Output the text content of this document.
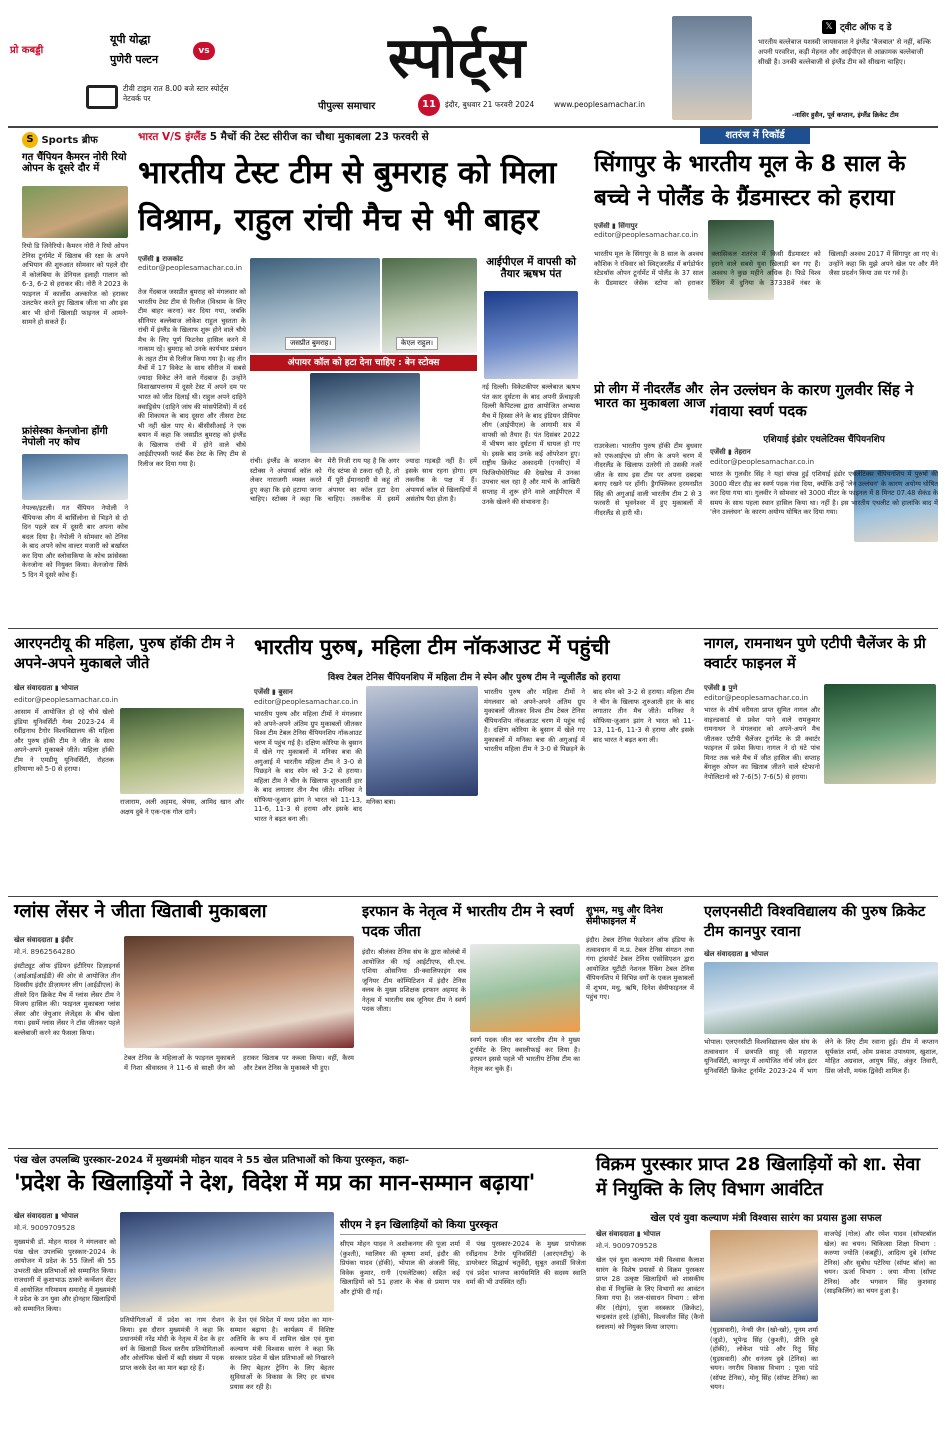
प्रो कबड्डी
यूपी योद्धा
पुणेरी पल्टन
vs
टीवी टाइम रात 8.00 बजे स्टार स्पोर्ट्स नेटवर्क पर
स्पोर्ट्स
पीपुल्स समाचार	11	इंदौर, बुधवार 21 फरवरी 2024	www.peoplesamachar.in
𝕏 ट्वीट ऑफ द डे
भारतीय बल्लेबाज यशस्वी जायसवाल ने इंग्लैंड 'बैजबाल' से नहीं, बल्कि अपनी परवरिश, कड़ी मेहनत और आईपीएल से आक्रामक बल्लेबाजी सीखी है। उनकी बल्लेबाजी से इंग्लैंड टीम को सीखना चाहिए।
-नासिर हुसैन, पूर्व कप्तान, इंग्लैंड क्रिकेट टीम
S Sports ब्रीफ
गत चैंपियन कैमरन नोरी रियो ओपन के दूसरे दौर में
रियो डि जिनेरियो। कैमरन नोरी ने रियो ओपन टेनिस टूर्नामेंट में खिताब की रक्षा के अपने अभियान की शुरुआत सोमवार को पहले दौर में कोलंबिया के डेनियल इलाही गालान को 6-3, 6-2 से हराकर की। नोरी ने 2023 के फाइनल में कार्लोस अल्कारेज को हराकर उलटफेर करते हुए खिताब जीता था और इस बार भी दोनों खिलाड़ी फाइनल में आमने-सामने हो सकते हैं।
फ्रांसेस्का केनजोना होंगी नेपोली नए कोच
नेपल्स/इटली। गत चैंपियन नेपोली ने चैंपियन्स लीग में बार्सिलोना से भिड़ने से दो दिन पहले सत्र में दूसरी बार अपना कोच बदल दिया है। नेपोली ने सोमवार को टेनिस के बाद अपने कोच वाल्टर मजारी को बर्खास्त कर दिया और स्लोवाकिया के कोच फ्रांसेस्का केनजोना को नियुक्त किया। केनजोना सिर्फ 5 दिन में दूसरे कोच हैं।
भारत V/S इंग्लैंड 5 मैचों की टेस्ट सीरीज का चौथा मुकाबला 23 फरवरी से
भारतीय टेस्ट टीम से बुमराह को मिला विश्राम, राहुल रांची मैच से भी बाहर
एजेंसी ▮ राजकोट
editor@peoplesamachar.co.in
तेज गेंदबाज जसप्रीत बुमराह को मंगलवार को भारतीय टेस्ट टीम से रिलीज (विश्राम के लिए टीम बाहर करना) कर दिया गया, जबकि सीनियर बल्लेबाज लोकेश राहुल चुस्तता के रांची में इंग्लैंड के खिलाफ शुरू होने वाले चौथे मैच के लिए पूर्ण फिटनेस हासिल करने में नाकाम रहे। बुमराह को उनके कार्यभार प्रबंधन के तहत टीम से रिलीज किया गया है। वह तीन मैचों में 17 विकेट के साथ सीरीज में सबसे ज्यादा विकेट लेने वाले गेंदबाज हैं। उन्होंने विशाखापत्तनम में दूसरे टेस्ट में अपने दम पर भारत को जीत दिलाई थी। राहुल अपने दाहिने क्वाड्रिसेप (दाहिने जांघ की मांसपेशियों) में दर्द की शिकायत के बाद दूसरा और तीसरा टेस्ट भी नहीं खेल पाए थे। बीसीसीआई ने एक बयान में कहा कि जसप्रीत बुमराह को इंग्लैंड के खिलाफ रांची में होने वाले चौथे आईडीएफसी फर्स्ट बैंक टेस्ट के लिए टीम से रिलीज कर दिया गया है।
जसप्रीत बुमराह।	केएल राहुल।
अंपायर कॉल को हटा देना चाहिए : बेन स्टोक्स
रांची। इंग्लैंड के कप्तान बेन स्टोक्स ने अंपायर्स कॉल को लेकर नाराजगी व्यक्त करते हुए कहा कि इसे हटाया जाना चाहिए। स्टोक्स ने कहा कि मेरी निजी राय यह है कि अगर गेंद स्टंप्स से टकरा रही है, तो मैं पूरी ईमानदारी से कहूं तो अंपायर का कॉल हटा देना चाहिए। तकनीक में इसमें ज्यादा गड़बड़ी नहीं है। हमें इसके साथ रहना होगा। हम तकनीक के पक्ष में हैं। अंपायर्स कॉल से खिलाड़ियों में असंतोष पैदा होता है।
आईपीएल में वापसी को तैयार ऋषभ पंत
नई दिल्ली। विकेटकीपर बल्लेबाज ऋषभ पंत कार दुर्घटना के बाद अपनी फ्रेंचाइजी दिल्ली कैपिटल्स द्वारा आयोजित अभ्यास मैच में हिस्सा लेने के बाद इंडियन प्रीमियर लीग (आईपीएल) के आगामी सत्र में वापसी को तैयार हैं। पंत दिसंबर 2022 में भीषण कार दुर्घटना में घायल हो गए थे। इसके बाद उनके कई ऑपरेशन हुए। राष्ट्रीय क्रिकेट अकादमी (एनसीए) में फिजियोथेरेपिस्ट की देखरेख में उनका उपचार चल रहा है और मार्च के आखिरी सप्ताह में शुरू होने वाले आईपीएल में उनके खेलने की संभावना है।
शतरंज में रिकॉर्ड
सिंगापुर के भारतीय मूल के 8 साल के बच्चे ने पोलैंड के ग्रैंडमास्टर को हराया
एजेंसी ▮ सिंगापुर
editor@peoplesamachar.co.in
भारतीय मूल के सिंगापुर के 8 साल के अश्वथ कौशिक ने रविवार को स्विट्जरलैंड में बर्गडोर्फर स्टेडथॉस ओपन टूर्नामेंट में पोलैंड के 37 साल के ग्रैंडमास्टर जेसेक स्टोपा को हराकर क्लासिकल शतरंज में किसी ग्रैंडमास्टर को हराने वाले सबसे युवा खिलाड़ी बन गए हैं। अश्वथ ने कुछ महीने अधिक है। फिडे विश्व रैंकिंग में दुनिया के 37338वें नंबर के खिलाड़ी अश्वथ 2017 में सिंगापुर आ गए थे। उन्होंने कहा कि मुझे अपने खेल पर और मैंने जैसा प्रदर्शन किया उस पर गर्व है।
प्रो लीग में नीदरलैंड और भारत का मुकाबला आज
राउरकेला। भारतीय पुरुष हॉकी टीम बुधवार को एफआईएच प्रो लीग के अपने चरण में नीदरलैंड के खिलाफ उतरेगी तो उसकी नजरें जीत के साथ इस टीम पर अपना दबदबा बनाए रखने पर होंगी। ड्रैगफ्लिकर हरमनप्रीत सिंह की अगुआई वाली भारतीय टीम 2 से 3 फरवरी से भुवनेश्वर में हुए मुकाबलों में नीदरलैंड से हारी थी।
लेन उल्लंघन के कारण गुलवीर सिंह ने गंवाया स्वर्ण पदक
एशियाई इंडोर एथलेटिक्स चैंपियनशिप
एजेंसी ▮ तेहरान
editor@peoplesamachar.co.in
भारत के गुलवीर सिंह ने यहां संपन्न हुई एशियाई इंडोर एथलेटिक्स चैंपियनशिप में पुरुषों की 3000 मीटर दौड़ का स्वर्ण पदक गंवा दिया, क्योंकि उन्हें 'लेन उल्लंघन' के कारण अयोग्य घोषित कर दिया गया था। गुलवीर ने सोमवार को 3000 मीटर के फाइनल में 8 मिनट 07.48 सेकंड के समय के साथ पहला स्थान हासिल किया था। नहीं है। इस भारतीय एथलीट को हालांकि बाद में 'लेन उल्लंघन' के कारण अयोग्य घोषित कर दिया गया।
आरएनटीयू की महिला, पुरुष हॉकी टीम ने अपने-अपने मुकाबले जीते
खेल संवाददाता ▮ भोपाल
editor@peoplesamachar.co.in
आसाम में आयोजित हो रहे चौथे खेलो इंडिया यूनिवर्सिटी गेम्स 2023-24 में रवींद्रनाथ टैगोर विश्वविद्यालय की महिला और पुरुष हॉकी टीम ने जीत के साथ अपने-अपने मुकाबले जीते। महिला हॉकी टीम ने एमडीयू यूनिवर्सिटी, रोहतक हरियाणा को 5-0 से हराया।
राजाराम, अली अहमद, श्रेयस, आमिद खान और अक्षय दुबे ने एक-एक गोल दागे।
भारतीय पुरुष, महिला टीम नॉकआउट में पहुंची
विश्व टेबल टेनिस चैंपियनशिप में महिला टीम ने स्पेन और पुरुष टीम ने न्यूजीलैंड को हराया
एजेंसी ▮ बुसान
editor@peoplesamachar.co.in
मनिका बत्रा।
भारतीय पुरुष और महिला टीमों ने मंगलवार को अपने-अपने अंतिम ग्रुप मुकाबलों जीतकर विश्व टीम टेबल टेनिस चैंपियनशिप नॉकआउट चरण में पहुंच गई है। दक्षिण कोरिया के बुसान में खेले गए मुकाबलों में मनिका बत्रा की अगुआई में भारतीय महिला टीम ने 3-0 से पिछड़ने के बाद स्पेन को 3-2 से हराया। महिला टीम ने चीन के खिलाफ शुरुआती हार के बाद लगातार तीन मैच जीते। मनिका ने सोफिया-जुआन झांग ने भारत को 11-13, 11-6, 11-3 से हराया और इसके बाद भारत ने बढ़त बना ली।
भारतीय पुरुष और महिला टीमों ने मंगलवार को अपने-अपने अंतिम ग्रुप मुकाबलों जीतकर विश्व टीम टेबल टेनिस चैंपियनशिप नॉकआउट चरण में पहुंच गई है। दक्षिण कोरिया के बुसान में खेले गए मुकाबलों में मनिका बत्रा की अगुआई में भारतीय महिला टीम ने 3-0 से पिछड़ने के बाद स्पेन को 3-2 से हराया। महिला टीम ने चीन के खिलाफ शुरुआती हार के बाद लगातार तीन मैच जीते। मनिका ने सोफिया-जुआन झांग ने भारत को 11-13, 11-6, 11-3 से हराया और इसके बाद भारत ने बढ़त बना ली।
नागल, रामनाथन पुणे एटीपी चैलेंजर के प्री क्वार्टर फाइनल में
एजेंसी ▮ पुणे
editor@peoplesamachar.co.in
भारत के शीर्ष वरीयता प्राप्त सुमित नागल और वाइल्डकार्ड से प्रवेश पाने वाले रामकुमार रामनाथन ने मंगलवार को अपने-अपने मैच जीतकर एटीपी चैलेंजर टूर्नामेंट के प्री क्वार्टर फाइनल में प्रवेश किया। नागल ने दो घंटे पांच मिनट तक चले मैच में जीत हासिल की। सप्ताह बेंगलुरु ओपन का खिताब जीतने वाले स्टेफानो नेपोलिटानो को 7-6(5) 7-6(5) से हराया।
ग्लांस लेंसर ने जीता खिताबी मुकाबला
खेल संवाददाता ▮ इंदौर
मो.नं. 8962564280
इंस्टीट्यूट ऑफ इंडियन इंटीरियर डिज़ाइनर्स (आईआईआईडी) की ओर से आयोजित तीन दिवसीय इंदौर डीज़ायनर लीग (आईडीएल) के तीसरे दिन क्रिकेट मैच में ग्लांस लेंसर टीम ने विजय हासिल की। फाइनल मुकाबला ग्लांस लेंसर और जेयुआर लेजेंड्स के बीच खेला गया। इसमें ग्लांस लेंसर ने टॉस जीतकर पहले बल्लेबाजी करने का फैसला किया।
टेबल टेनिस के महिलाओं के फाइनल मुकाबले में निशा श्रीवास्तव ने 11-6 से साक्षी जैन को हराकर खिताब पर कब्जा किया। वहीं, कैरम और टेबल टेनिस के मुकाबले भी हुए।
इरफान के नेतृत्व में भारतीय टीम ने स्वर्ण पदक जीता
इंदौर। श्रीलंका टेनिस संघ के द्वारा कोलंबो में आयोजित की गई आईटीएफ, सी.एच. एशिया ओसनिया प्री-क्वालिफाइंग सब जूनियर टीम कॉम्पिटिशन में इंदौर टेनिस क्लब के मुख्य प्रशिक्षक इरफान अहमद के नेतृत्व में भारतीय सब जूनियर टीम ने स्वर्ण पदक जीता।
स्वर्ण पदक जीत कर भारतीय टीम ने मुख्य टूर्नामेंट के लिए क्वालीफाई कर लिया है। इरफान इससे पहले भी भारतीय टेनिस टीम का नेतृत्व कर चुके हैं।
शुभम, मधु और दिनेश सेमीफाइनल में
इंदौर। टेबल टेनिस फेडरेशन ऑफ इंडिया के तत्वावधान में म.प्र. टेबल टेनिस संगठन तथा गंगा ट्रांसपोर्ट टेबल टेनिस एसोसिएशन द्वारा आयोजित यूटीटी नेशनल रैंकिंग टेबल टेनिस चैंपियनशिप में विभिन्न वर्गों के एकल मुकाबलों में शुभम, मधु, ऋषि, दिनेश सेमीफाइनल में पहुंच गए।
एलएनसीटी विश्वविद्यालय की पुरुष क्रिकेट टीम कानपुर रवाना
खेल संवाददाता ▮ भोपाल
भोपाल। एलएनसीटी विश्वविद्यालय खेल संघ के तत्वावधान में छत्रपति साहू जी महाराज यूनिवर्सिटी, कानपुर में आयोजित नॉर्थ जोन इंटर यूनिवर्सिटी क्रिकेट टूर्नामेंट 2023-24 में भाग लेने के लिए टीम रवाना हुई। टीम में कप्तान सूर्यकांत शर्मा, ओम प्रकाश उपाध्याय, खुशाल, मोहित अग्रवाल, आयुष सिंह, अंकुर तिवारी, प्रिंस जोशी, मयंक द्विवेदी शामिल हैं।
पंख खेल उपलब्धि पुरस्कार-2024 में मुख्यमंत्री मोहन यादव ने 55 खेल प्रतिभाओं को किया पुरस्कृत, कहा-
'प्रदेश के खिलाड़ियों ने देश, विदेश में मप्र का मान-सम्मान बढ़ाया'
खेल संवाददाता ▮ भोपाल
मो.नं. 9009709528
मुख्यमंत्री डॉ. मोहन यादव ने मंगलवार को पंख खेल उपलब्धि पुरस्कार-2024 के आयोजन में प्रदेश के 55 जिलों की 55 उभरती खेल प्रतिभाओं को सम्मानित किया। राजधानी में कुशाभाऊ ठाकरे कन्वेंशन सेंटर में आयोजित गरिमामय समारोह में मुख्यमंत्री ने प्रदेश के उन युवा और होनहार खिलाड़ियों को सम्मानित किया।
प्रतियोगिताओं में प्रदेश का नाम रोशन किया। इस दौरान मुख्यमंत्री ने कहा कि प्रधानमंत्री नरेंद्र मोदी के नेतृत्व में देश के हर वर्ग के खिलाड़ी विश्व स्तरीय प्रतियोगिताओं और ओलंपिक खेलों में बड़ी संख्या में पदक प्राप्त करके देश का मान बढ़ा रहे हैं।
के देश एवं विदेश में मध्य प्रदेश का मान-सम्मान बढ़ाया है। कार्यक्रम में विशिष्ट अतिथि के रूप में शामिल खेल एवं युवा कल्याण मंत्री विश्वास सारंग ने कहा कि सरकार प्रदेश में खेल प्रतिभाओं को निखारने के लिए बेहतर ट्रेनिंग के लिए बेहतर सुविधाओं के विकास के लिए हर संभव प्रयास कर रही है।
सीएम ने इन खिलाड़ियों को किया पुरस्कृत
सीएम मोहन यादव ने अशोकनगर की पूजा शर्मा (कुश्ती), ग्वालियर की कृष्णा शर्मा, इंदौर की प्रियंका यादव (हॉकी), भोपाल की अंजली सिंह, विवेक कुमार, रानी (एथलेटिक्स) सहित कई खिलाड़ियों को 51 हजार के चेक से प्रमाण पत्र और ट्रॉफी दी गई।
में पंख पुरस्कार-2024 के मुख्य प्रायोजक रवींद्रनाथ टैगोर यूनिवर्सिटी (आरएनटीयू) के डायरेक्टर सिद्धार्थ चतुर्वेदी, सुबूत अवार्डी विजेता एवं प्रदेश भाजपा कार्यसमिति की सदस्य स्वाति वर्मा की भी उपस्थित रहीं।
विक्रम पुरस्कार प्राप्त 28 खिलाड़ियों को शा. सेवा में नियुक्ति के लिए विभाग आवंटित
खेल एवं युवा कल्याण मंत्री विश्वास सारंग का प्रयास हुआ सफल
खेल संवाददाता ▮ भोपाल
मो.नं. 9009709528
खेल एवं युवा कल्याण मंत्री विश्वास कैलाश सारंग के विशेष प्रयासों से विक्रम पुरस्कार प्राप्त 28 उत्कृष्ट खिलाड़ियों को शासकीय सेवा में नियुक्ति के लिए विभागों का आवंटन किया गया है। जल-संसाधन विभाग : सोना कीर (रोइंग), पूजा वस्त्रकार (क्रिकेट), चन्द्रकांत हरदे (हॉकी), विश्वजीत सिंह (कैनो स्लालम) को नियुक्त किया जाएगा।	(घुड़सवारी), नेन्सी जैन (खो-खो), पूनम शर्मा (जूडो), भूपेन्द्र सिंह (कुश्ती), प्रीति दुबे (हॉकी), लोकेश पांडे और रितु सिंह (घुड़सवारी) और धनंजय दुबे (टेनिस) का चयन। नगरीय विकास विभाग : पूजा पांडे (सॉफ्ट टेनिस), मोनू सिंह (सॉफ्ट टेनिस) का चयन।
वाजपेई (गोल) और रमेश यादव (सॉफ्टबॉल खेल) का चयन। चिकित्सा शिक्षा विभाग : करुणा ज्योति (कबड्डी), आदित्य दुबे (सॉफ्ट टेनिस) और सुबोध पटेरिया (सॉफ्ट बॉल) का चयन। ऊर्जा विभाग : जया मीणा (सॉफ्ट टेनिस) और भगवान सिंह कुशवाह (साइकिलिंग) का चयन हुआ है।
